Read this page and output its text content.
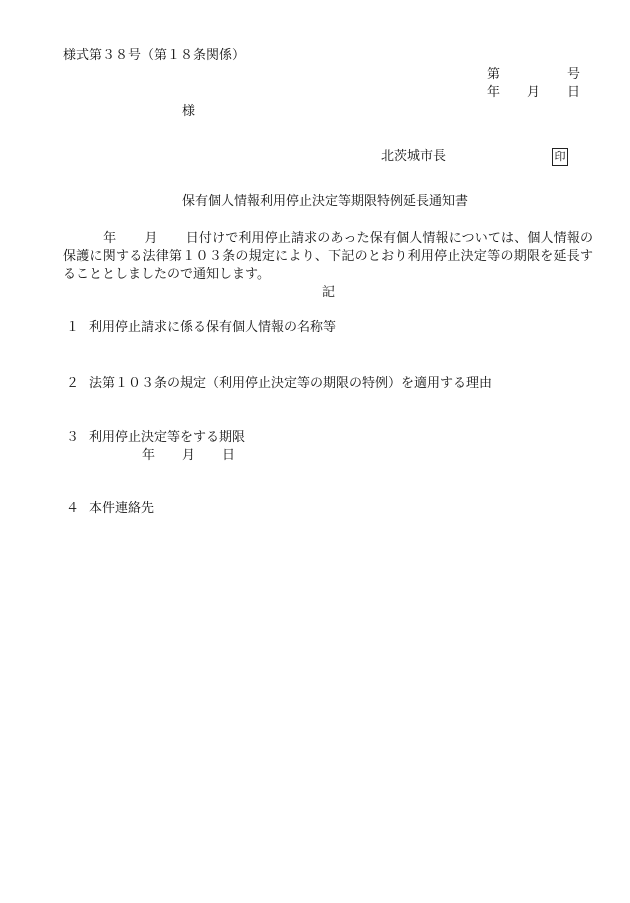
様式第３８号（第１８条関係）
第	号
年 月 日
様
北茨城市長	印
保有個人情報利用停止決定等期限特例延長通知書
年 月 日付けで利用停止請求のあった保有個人情報については、個人情報の保護に関する法律第１０３条の規定により、下記のとおり利用停止決定等の期限を延長することとしましたので通知します。
記
１ 利用停止請求に係る保有個人情報の名称等
２ 法第１０３条の規定（利用停止決定等の期限の特例）を適用する理由
３ 利用停止決定等をする期限
年 月 日
４ 本件連絡先
